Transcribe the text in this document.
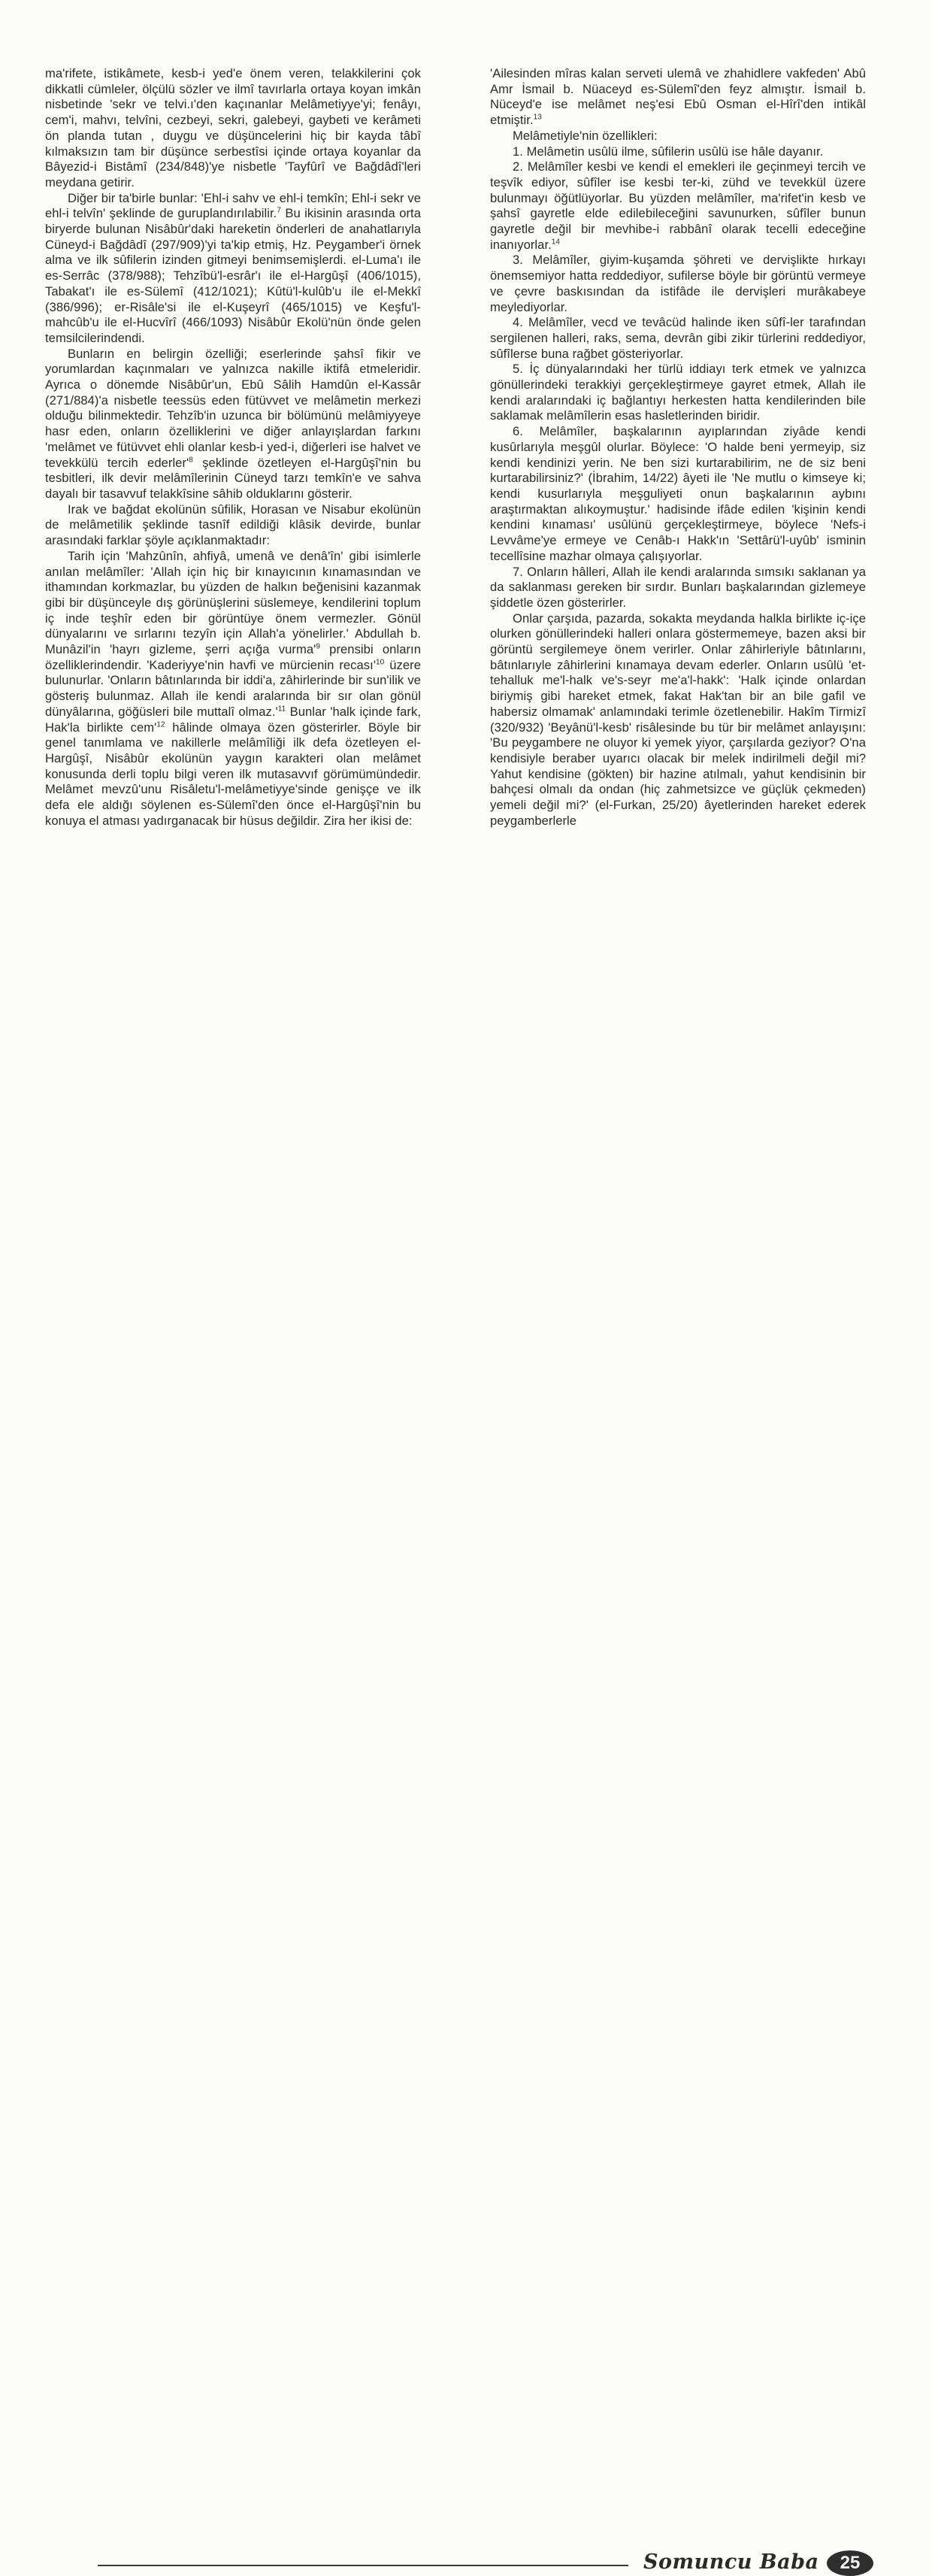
ma'rifete, istikâmete, kesb-i yed'e önem veren, telakkilerini çok dikkatli cümleler, ölçülü sözler ve ilmî tavırlarla ortaya koyan imkân nisbetinde 'sekr ve telvi.ı'den kaçınanlar Melâmetiyye'yi; fenâyı, cem'i, mahvı, telvîni, cezbeyi, sekri, galebeyi, gaybeti ve kerâmeti ön planda tutan , duygu ve düşüncelerini hiç bir kayda tâbî kılmaksızın tam bir düşünce serbestîsi içinde ortaya koyanlar da Bâyezid-i Bistâmî (234/848)'ye nisbetle 'Tayfûrî ve Bağdâdî'leri meydana getirir.

Diğer bir ta'birle bunlar: 'Ehl-i sahv ve ehl-i temkîn; Ehl-i sekr ve ehl-i telvîn' şeklinde de guruplandırılabilir.$^7$ Bu ikisinin arasında orta biryerde bulunan Nisâbûr'daki hareketin önderleri de anahatlarıyla Cüneyd-i Bağdâdî (297/909)'yi ta'kip etmiş, Hz. Peygamber'i örnek alma ve ilk sûfilerin izinden gitmeyi benimsemişlerdi. el-Luma'ı ile es-Serrâc (378/988); Tehzîbü'l-esrâr'ı ile el-Hargûşî (406/1015), Tabakat'ı ile es-Sülemî (412/1021); Kûtü'l-kulûb'u ile el-Mekkî (386/996); er-Risâle'si ile el-Kuşeyrî (465/1015) ve Keşfu'l-mahcûb'u ile el-Hucvîrî (466/1093) Nisâbûr Ekolü'nün önde gelen temsilcilerindendi.

Bunların en belirgin özelliği; eserlerinde şahsî fikir ve yorumlardan kaçınmaları ve yalnızca nakille iktifâ etmeleridir. Ayrıca o dönemde Nisâbûr'un, Ebû Sâlih Hamdûn el-Kassâr (271/884)'a nisbetle teessüs eden fütüvvet ve melâmetin merkezi olduğu bilinmektedir. Tehzîb'in uzunca bir bölümünü melâmiyyeye hasr eden, onların özelliklerini ve diğer anlayışlardan farkını 'melâmet ve fütüvvet ehli olanlar kesb-i yed-i, diğerleri ise halvet ve tevekkülü tercih ederler'$^8$ şeklinde özetleyen el-Hargûşî'nin bu tesbitleri, ilk devir melâmîlerinin Cüneyd tarzı temkîn'e ve sahva dayalı bir tasavvuf telakkîsine sâhib olduklarını gösterir.

Irak ve bağdat ekolünün sûfilik, Horasan ve Nisabur ekolünün de melâmetilik şeklinde tasnîf edildiği klâsik devirde, bunlar arasındaki farklar şöyle açıklanmaktadır:

Tarih için 'Mahzûnîn, ahfiyâ, umenâ ve denâ'în' gibi isimlerle anılan melâmîler: 'Allah için hiç bir kınayıcının kınamasından ve ithamından korkmazlar, bu yüzden de halkın beğenisini kazanmak gibi bir düşünceyle dış görünüşlerini süslemeye, kendilerini toplum iç inde teşhîr eden bir görüntüye önem vermezler. Gönül dünyalarını ve sırlarını tezyîn için Allah'a yönelirler.' Abdullah b. Munâzil'in 'hayrı gizleme, şerri açığa vurma'$^9$ prensibi onların özelliklerindendir. 'Kaderiyye'nin havfi ve mürcienin recası'$^{10}$ üzere bulunurlar. 'Onların bâtınlarında bir iddi'a, zâhirlerinde bir sun'ilik ve gösteriş bulunmaz. Allah ile kendi aralarında bir sır olan gönül dünyâlarına, göğüsleri bile muttalî olmaz.'$^{11}$ Bunlar 'halk içinde fark, Hak'la birlikte cem'$^{12}$ hâlinde olmaya özen gösterirler. Böyle bir genel tanımlama ve nakillerle melâmîliği ilk defa özetleyen el-Hargûşî, Nisâbûr ekolünün yaygın karakteri olan melâmet konusunda derli toplu bilgi veren ilk mutasavvıf görümümündedir. Melâmet mevzû'unu Risâletu'l-melâmetiyye'sinde genişçe ve ilk defa ele aldığı söylenen es-Sülemî'den önce el-Hargûşî'nin bu konuya el atması yadırganacak bir hüsus değildir. Zira her ikisi de:

'Ailesinden mîras kalan serveti ulemâ ve zhahidlere vakfeden' Abû Amr İsmail b. Nüaceyd es-Sülemî'den feyz almıştır. İsmail b. Nüceyd'e ise melâmet neş'esi Ebû Osman el-Hîrî'den intikâl etmiştir.$^{13}$

Melâmetiyle'nin özellikleri:

1. Melâmetin usûlü ilme, sûfilerin usûlü ise hâle dayanır.

2. Melâmîler kesbi ve kendi el emekleri ile geçinmeyi tercih ve teşvîk ediyor, sûfîler ise kesbi ter-ki, zühd ve tevekkül üzere bulunmayı öğütlüyorlar. Bu yüzden melâmîler, ma'rifet'in kesb ve şahsî gayretle elde edilebileceğini savunurken, sûfîler bunun gayretle değil bir mevhibe-i rabbânî olarak tecelli edeceğine inanıyorlar.$^{14}$

3. Melâmîler, giyim-kuşamda şöhreti ve dervişlikte hırkayı önemsemiyor hatta reddediyor, sufilerse böyle bir görüntü vermeye ve çevre baskısından da istifâde ile dervişleri murâkabeye meylediyorlar.

4. Melâmîler, vecd ve tevâcüd halinde iken sûfî-ler tarafından sergilenen halleri, raks, sema, devrân gibi zikir türlerini reddediyor, sûfîlerse buna rağbet gösteriyorlar.

5. İç dünyalarındaki her türlü iddiayı terk etmek ve yalnızca gönüllerindeki terakkiyi gerçekleştirmeye gayret etmek, Allah ile kendi aralarındaki iç bağlantıyı herkesten hatta kendilerinden bile saklamak melâmîlerin esas hasletlerinden biridir.

6. Melâmîler, başkalarının ayıplarından ziyâde kendi kusûrlarıyla meşgûl olurlar. Böylece: 'O halde beni yermeyip, siz kendi kendinizi yerin. Ne ben sizi kurtarabilirim, ne de siz beni kurtarabilirsiniz?' (İbrahim, 14/22) âyeti ile 'Ne mutlu o kimseye ki; kendi kusurlarıyla meşguliyeti onun başkalarının aybını araştırmaktan alıkoymuştur.' hadisinde ifâde edilen 'kişinin kendi kendini kınaması' usûlünü gerçekleştirmeye, böylece 'Nefs-i Levvâme'ye ermeye ve Cenâb-ı Hakk'ın 'Settârü'l-uyûb' isminin tecellîsine mazhar olmaya çalışıyorlar.

7. Onların hâlleri, Allah ile kendi aralarında sımsıkı saklanan ya da saklanması gereken bir sırdır. Bunları başkalarından gizlemeye şiddetle özen gösterirler.

Onlar çarşıda, pazarda, sokakta meydanda halkla birlikte iç-içe olurken gönüllerindeki halleri onlara göstermemeye, bazen aksi bir görüntü sergilemeye önem verirler. Onlar zâhirleriyle bâtınlarını, bâtınlarıyle zâhirlerini kınamaya devam ederler. Onların usûlü 'et-tehalluk me'l-halk ve's-seyr me'a'l-hakk': 'Halk içinde onlardan biriymiş gibi hareket etmek, fakat Hak'tan bir an bile gafil ve habersiz olmamak' anlamındaki terimle özetlenebilir. Hakîm Tirmizî (320/932) 'Beyânü'l-kesb' risâlesinde bu tür bir melâmet anlayışını: 'Bu peygambere ne oluyor ki yemek yiyor, çarşılarda geziyor? O'na kendisiyle beraber uyarıcı olacak bir melek indirilmeli değil mi? Yahut kendisine (gökten) bir hazine atılmalı, yahut kendisinin bir bahçesi olmalı da ondan (hiç zahmetsizce ve güçlük çekmeden) yemeli değil mi?' (el-Furkan, 25/20) âyetlerinden hareket ederek peygamberlerle

Somuncu Baba	25
